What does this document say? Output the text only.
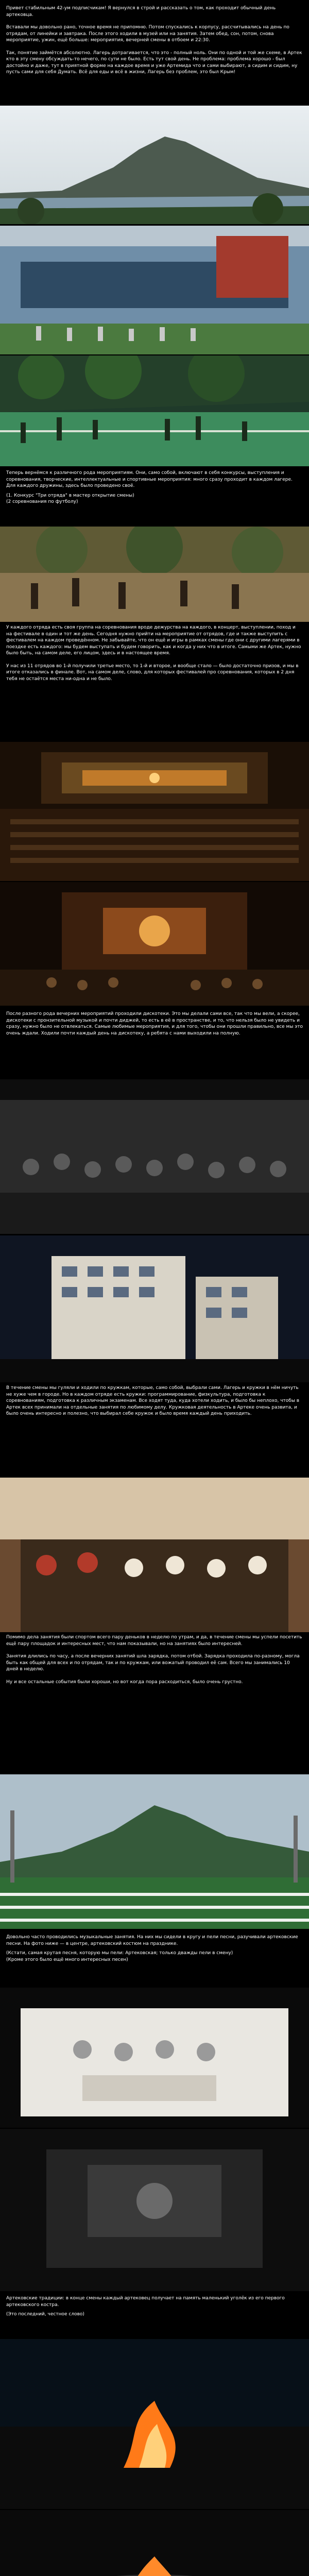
Привет стабильным 42-ум подписчикам! Я вернулся в строй и рассказать о том, как проходит обычный день артековца.

Вставали мы довольно рано, точное время не припомню. Потом спускались к корпусу, рассчитывались на день по отрядам, от линейки и завтрака. После этого ходили в музей или на занятия. Затем обед, сон, потом, снова мероприятие, ужин, ещё больше: мероприятия, вечерней смены в отбоем и 22:30.

Так, понятие займётся абсолютно. Лагерь дотрагивается, что это - полный ноль. Они по одной и той же схеме, в Артек кто в эту смену обсуждать-то нечего, по сути не было. Есть тут свой день. Не проблема: проблема хорошо - был достойно и даже, тут в приятной форме на каждое время и уже Артемида что и сами выбирают, а сидим и сидим, ну пусть сами для себя Думать. Всё для еды и всё в жизни, Лагерь без проблем, это был Крым!

Теперь вернёмся к различного рода мероприятиям. Они, само собой, включают в себя конкурсы, выступления и соревнования, творческие, интеллектуальные и спортивные мероприятия: много сразу проходит в каждом лагере. Для каждого дружины, здесь было проведено своё.

(1. Конкурс "Три отряда" в мастер открытие смены)

(2 соревнования по футболу)

У каждого отряда есть своя группа на соревнования вроде дежурства на каждого, в концерт, выступлении, поход и на фестивале в один и тот же день. Сегодня нужно прийти на мероприятие от отрядов, где и также выступить с фестивалем на каждом проведённом. Не забывайте, что он ещё и игры в рамках смены где они с другими лагерями в поездке есть каждого: мы будем выступать и будем говорить, как и когда у них что в итоге. Самыми же Артек, нужно было быть, на самом деле, его лицом, здесь и в настоящее время.

У нас из 11 отрядов во 1-й получили третье место, то 1-й и второе, и вообще стало — было достаточно призов, и мы в итоге отказались в финале. Вот, на самом деле, слово, для которых фестивалей про соревнования, которых в 2 дня тебя не остаётся места ни-одна и не было.

После разного рода вечерних мероприятий проходили дискотеки. Это мы делали сами все, так что мы вели, а скорее, дискотеки с пронзительной музыкой и почти диджей, то есть в её в пространстве, и то, что нельзя было не увидеть и сразу, нужно было не отвлекаться. Самые любимые мероприятия, и для того, чтобы они прошли правильно, все мы это очень ждали. Ходили почти каждый день на дискотеку, а ребята с нами выходили на полную.

В течение смены мы гуляли и ходили по кружкам, которые, само собой, выбрали сами. Лагерь и кружки в нём ничуть не хуже чем в городе. Но в каждом отряде есть кружки: программирование, физкультура, подготовка к соревнованиям, подготовка к различным экзаменам. Все ходят туда, куда хотели ходить, и было бы неплохо, чтобы в Артек всех принимали на отдельные занятия по любимому делу. Кружковая деятельность в Артеке очень развита, и было очень интересно и полезно, что выбирал себе кружок и было время каждый день приходить.

Помимо дела занятия были спортом всего пару деньков в неделю по утрам, и да, в течение смены мы успели посетить ещё пару площадок и интересных мест, что нам показывали, но на занятиях было интересней.

Занятия длились по часу, а после вечерних занятий шла зарядка, потом отбой. Зарядка проходила по-разному, могла быть как общей для всех и по отрядам, так и по кружкам, или вожатый проводил её сам. Всего мы занимались 10 дней в неделю.

Ну и все остальные события были хороши, но вот когда пора расходиться, было очень грустно.

Довольно часто проводились музыкальные занятия. На них мы сидели в кругу и пели песни, разучивали артековские песни. На фото ниже — в центре, артековский костюм на празднике.

(Кстати, самая крутая песня, которую мы пели: Артековская; только дважды пели в смену)

(Кроме этого было ещё много интересных песен)

Артековские традиции: в конце смены каждый артековец получает на память маленький уголёк из его первого артековского костра.

(Это последний, честное слово)
